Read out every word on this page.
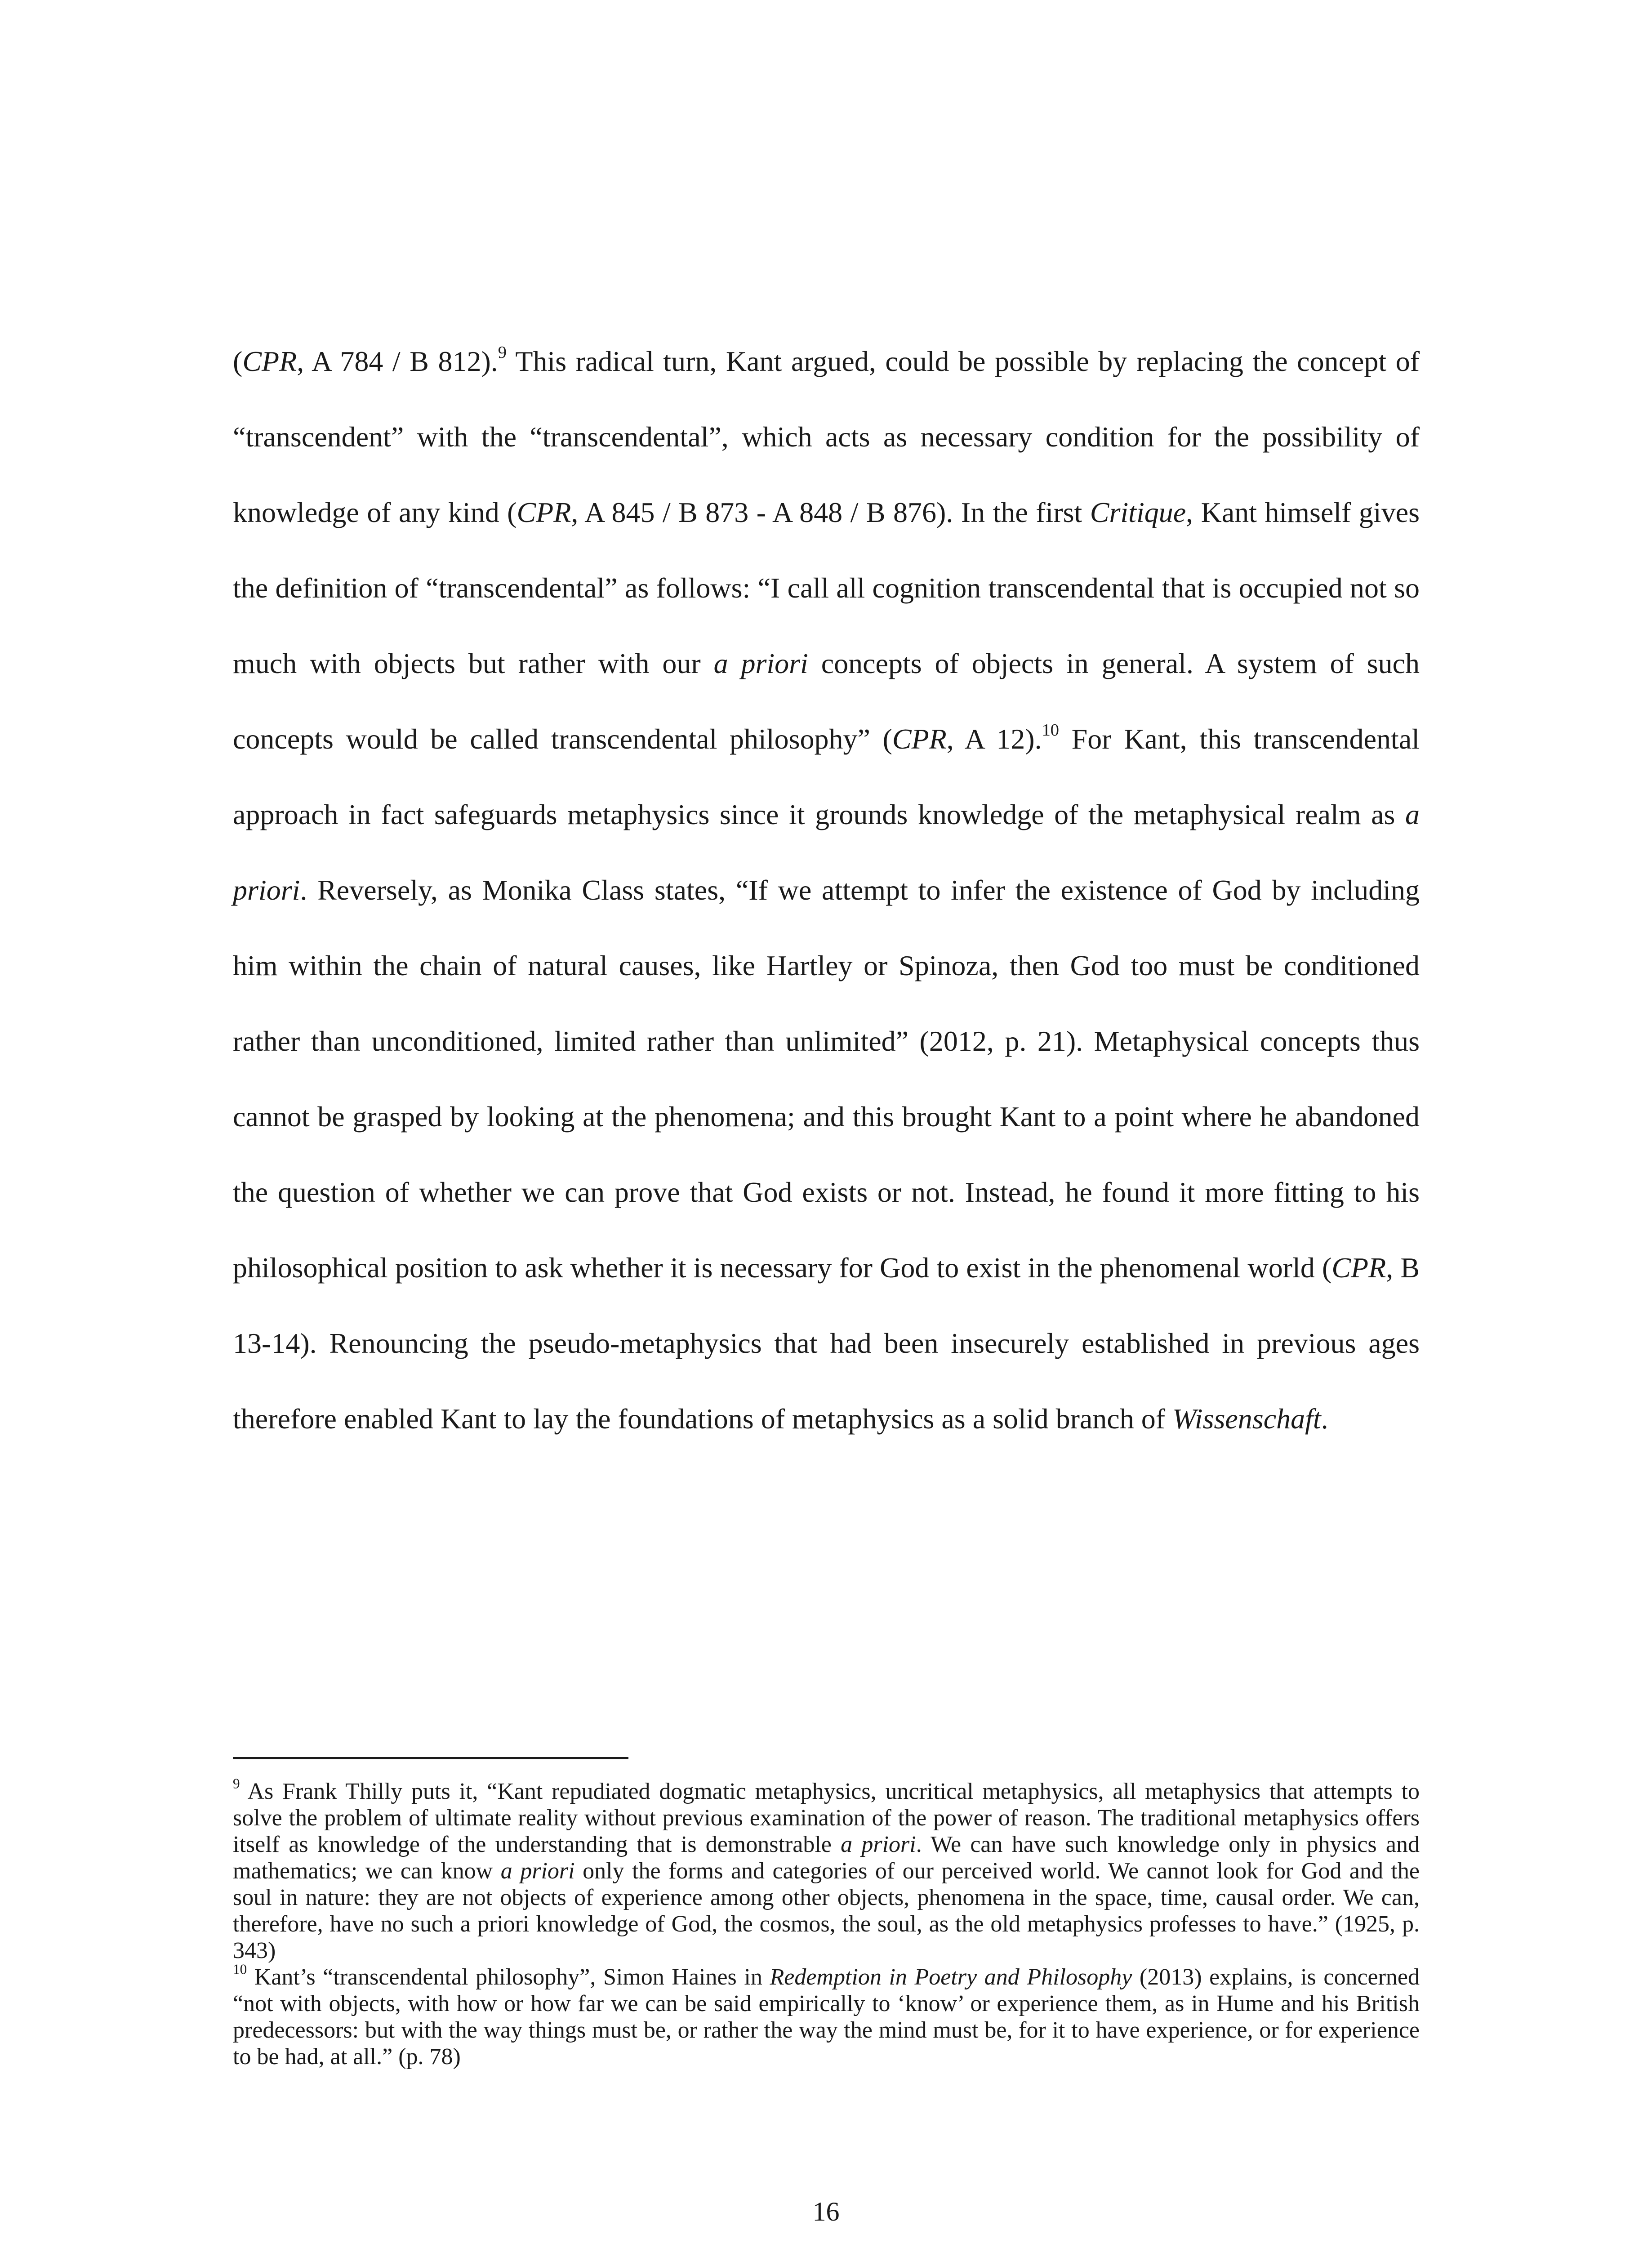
(CPR, A 784 / B 812).$^9$ This radical turn, Kant argued, could be possible by replacing the concept of “transcendent” with the “transcendental”, which acts as necessary condition for the possibility of knowledge of any kind (CPR, A 845 / B 873 - A 848 / B 876). In the first Critique, Kant himself gives the definition of “transcendental” as follows: “I call all cognition transcendental that is occupied not so much with objects but rather with our a priori concepts of objects in general. A system of such concepts would be called transcendental philosophy” (CPR, A 12).$^{10}$ For Kant, this transcendental approach in fact safeguards metaphysics since it grounds knowledge of the metaphysical realm as a priori. Reversely, as Monika Class states, “If we attempt to infer the existence of God by including him within the chain of natural causes, like Hartley or Spinoza, then God too must be conditioned rather than unconditioned, limited rather than unlimited” (2012, p. 21). Metaphysical concepts thus cannot be grasped by looking at the phenomena; and this brought Kant to a point where he abandoned the question of whether we can prove that God exists or not. Instead, he found it more fitting to his philosophical position to ask whether it is necessary for God to exist in the phenomenal world (CPR, B 13-14). Renouncing the pseudo-metaphysics that had been insecurely established in previous ages therefore enabled Kant to lay the foundations of metaphysics as a solid branch of Wissenschaft.

$^9$ As Frank Thilly puts it, “Kant repudiated dogmatic metaphysics, uncritical metaphysics, all metaphysics that attempts to solve the problem of ultimate reality without previous examination of the power of reason. The traditional metaphysics offers itself as knowledge of the understanding that is demonstrable a priori. We can have such knowledge only in physics and mathematics; we can know a priori only the forms and categories of our perceived world. We cannot look for God and the soul in nature: they are not objects of experience among other objects, phenomena in the space, time, causal order. We can, therefore, have no such a priori knowledge of God, the cosmos, the soul, as the old metaphysics professes to have.” (1925, p. 343)

$^{10}$ Kant’s “transcendental philosophy”, Simon Haines in Redemption in Poetry and Philosophy (2013) explains, is concerned “not with objects, with how or how far we can be said empirically to ‘know’ or experience them, as in Hume and his British predecessors: but with the way things must be, or rather the way the mind must be, for it to have experience, or for experience to be had, at all.” (p. 78)

16
